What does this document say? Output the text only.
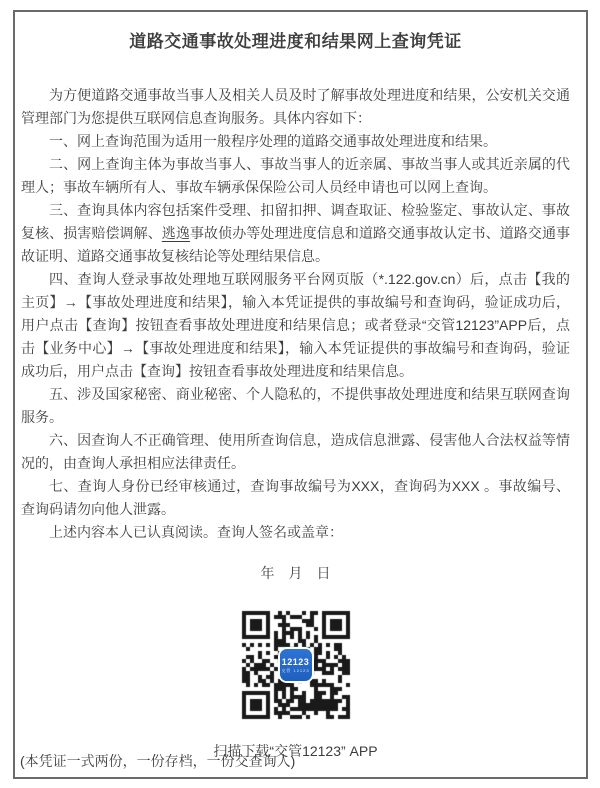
道路交通事故处理进度和结果网上查询凭证

为方便道路交通事故当事人及相关人员及时了解事故处理进度和结果，公安机关交通管理部门为您提供互联网信息查询服务。具体内容如下：

一、网上查询范围为适用一般程序处理的道路交通事故处理进度和结果。

二、网上查询主体为事故当事人、事故当事人的近亲属、事故当事人或其近亲属的代理人；事故车辆所有人、事故车辆承保保险公司人员经申请也可以网上查询。

三、查询具体内容包括案件受理、扣留扣押、调查取证、检验鉴定、事故认定、事故复核、损害赔偿调解、逃逸事故侦办等处理进度信息和道路交通事故认定书、道路交通事故证明、道路交通事故复核结论等处理结果信息。

四、查询人登录事故处理地互联网服务平台网页版（*.122.gov.cn）后，点击【我的主页】→【事故处理进度和结果】，输入本凭证提供的事故编号和查询码，验证成功后，用户点击【查询】按钮查看事故处理进度和结果信息；或者登录“交管12123”APP后，点击【业务中心】→【事故处理进度和结果】，输入本凭证提供的事故编号和查询码，验证成功后，用户点击【查询】按钮查看事故处理进度和结果信息。

五、涉及国家秘密、商业秘密、个人隐私的，不提供事故处理进度和结果互联网查询服务。

六、因查询人不正确管理、使用所查询信息，造成信息泄露、侵害他人合法权益等情况的，由查询人承担相应法律责任。

七、查询人身份已经审核通过，查询事故编号为XXX，查询码为XXX 。事故编号、查询码请勿向他人泄露。

上述内容本人已认真阅读。查询人签名或盖章：

年　月　日
12123
交管 12123
扫描下载“交管12123” APP
(本凭证一式两份，一份存档，一份交查询人)
